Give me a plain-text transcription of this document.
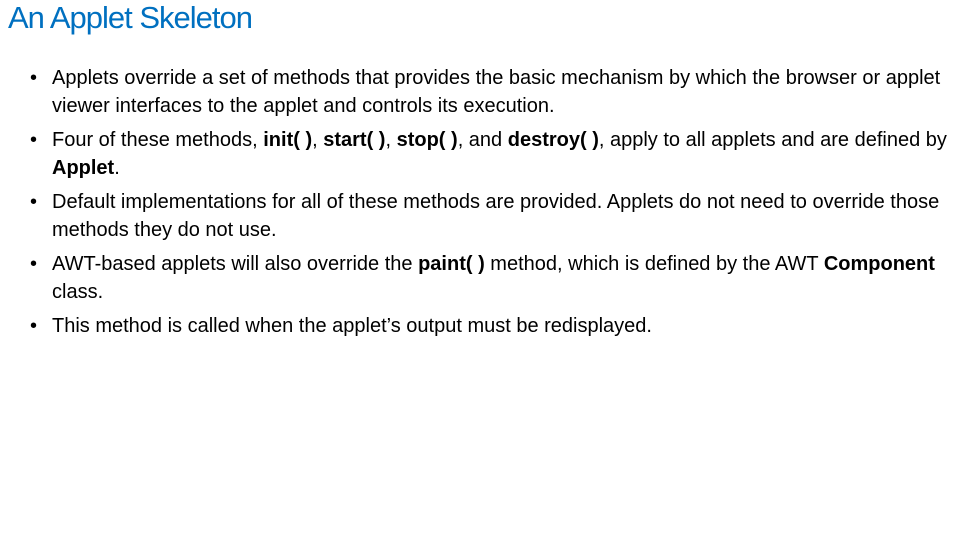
An Applet Skeleton
• Applets override a set of methods that provides the basic mechanism by which the browser or applet viewer interfaces to the applet and controls its execution.
• Four of these methods, init( ), start( ), stop( ), and destroy( ), apply to all applets and are defined by Applet.
• Default implementations for all of these methods are provided. Applets do not need to override those methods they do not use.
• AWT-based applets will also override the paint( ) method, which is defined by the AWT Component class.
• This method is called when the applet’s output must be redisplayed.
